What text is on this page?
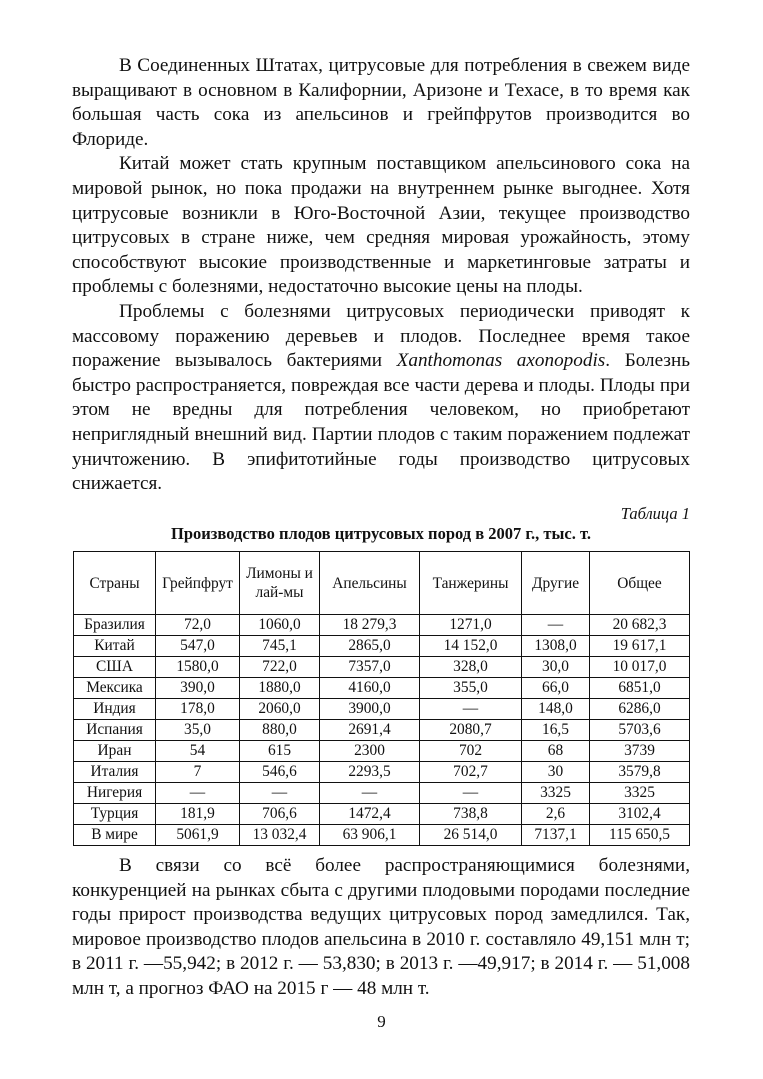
В Соединенных Штатах, цитрусовые для потребления в свежем виде выращивают в основном в Калифорнии, Аризоне и Техасе, в то время как большая часть сока из апельсинов и грейпфрутов производится во Флориде.

Китай может стать крупным поставщиком апельсинового сока на мировой рынок, но пока продажи на внутреннем рынке выгоднее. Хотя цитрусовые возникли в Юго-Восточной Азии, текущее производство цитрусовых в стране ниже, чем средняя мировая урожайность, этому способствуют высокие производственные и маркетинговые затраты и проблемы с болезнями, недостаточно высокие цены на плоды.

Проблемы с болезнями цитрусовых периодически приводят к массовому поражению деревьев и плодов. Последнее время такое поражение вызывалось бактериями Xanthomonas axonopodis. Болезнь быстро распространяется, повреждая все части дерева и плоды. Плоды при этом не вредны для потребления человеком, но приобретают неприглядный внешний вид. Партии плодов с таким поражением подлежат уничтожению. В эпифитотийные годы производство цитрусовых снижается.

Таблица 1
Производство плодов цитрусовых пород в 2007 г., тыс. т.
Страны	Грейпфрут	Лимоны и лай-мы	Апельсины	Танжерины	Другие	Общее
Бразилия	72,0	1060,0	18 279,3	1271,0	—	20 682,3
Китай	547,0	745,1	2865,0	14 152,0	1308,0	19 617,1
США	1580,0	722,0	7357,0	328,0	30,0	10 017,0
Мексика	390,0	1880,0	4160,0	355,0	66,0	6851,0
Индия	178,0	2060,0	3900,0	—	148,0	6286,0
Испания	35,0	880,0	2691,4	2080,7	16,5	5703,6
Иран	54	615	2300	702	68	3739
Италия	7	546,6	2293,5	702,7	30	3579,8
Нигерия	—	—	—	—	3325	3325
Турция	181,9	706,6	1472,4	738,8	2,6	3102,4
В мире	5061,9	13 032,4	63 906,1	26 514,0	7137,1	115 650,5

В связи со всё более распространяющимися болезнями, конкуренцией на рынках сбыта с другими плодовыми породами последние годы прирост производства ведущих цитрусовых пород замедлился. Так, мировое производство плодов апельсина в 2010 г. составляло 49,151 млн т; в 2011 г. —55,942; в 2012 г. — 53,830; в 2013 г. —49,917; в 2014 г. — 51,008 млн т, а прогноз ФАО на 2015 г — 48 млн т.

9
